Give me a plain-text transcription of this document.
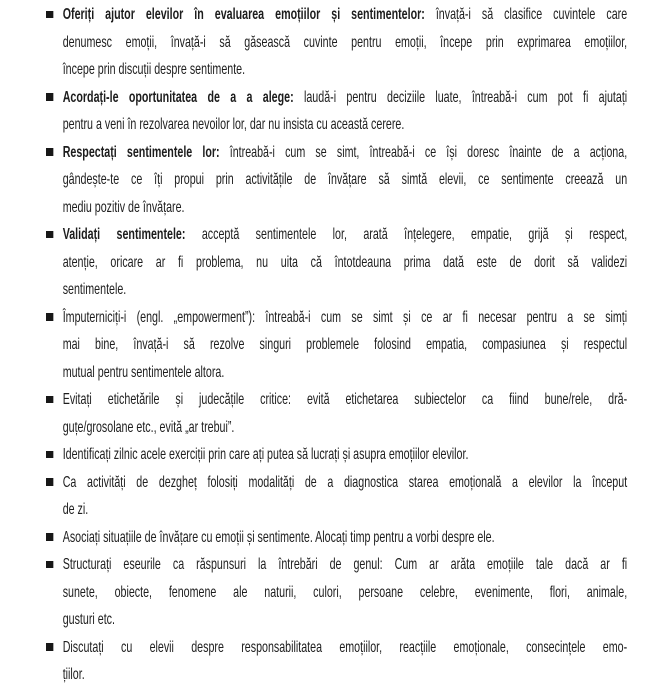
Oferiți ajutor elevilor în evaluarea emoțiilor și sentimentelor: învață-i să clasifice cuvintele care
denumesc emoții, învață-i să găsească cuvinte pentru emoții, începe prin exprimarea emoțiilor,
începe prin discuții despre sentimente.
Acordați-le oportunitatea de a a alege: laudă-i pentru deciziile luate, întreabă-i cum pot fi ajutați
pentru a veni în rezolvarea nevoilor lor, dar nu insista cu această cerere.
Respectați sentimentele lor: întreabă-i cum se simt, întreabă-i ce își doresc înainte de a acționa,
gândește-te ce îți propui prin activitățile de învățare să simtă elevii, ce sentimente creează un
mediu pozitiv de învățare.
Validați sentimentele: acceptă sentimentele lor, arată înțelegere, empatie, grijă și respect,
atenție, oricare ar fi problema, nu uita că întotdeauna prima dată este de dorit să validezi
sentimentele.
Împuterniciți-i (engl. „empowerment”): întreabă-i cum se simt și ce ar fi necesar pentru a se simți
mai bine, învață-i să rezolve singuri problemele folosind empatia, compasiunea și respectul
mutual pentru sentimentele altora.
Evitați etichetările și judecățile critice: evită etichetarea subiectelor ca fiind bune/rele, dră-
guțe/grosolane etc., evită „ar trebui”.
Identificați zilnic acele exerciții prin care ați putea să lucrați și asupra emoțiilor elevilor.
Ca activități de dezgheț folosiți modalități de a diagnostica starea emoțională a elevilor la început
de zi.
Asociați situațiile de învățare cu emoții și sentimente. Alocați timp pentru a vorbi despre ele.
Structurați eseurile ca răspunsuri la întrebări de genul: Cum ar arăta emoțiile tale dacă ar fi
sunete, obiecte, fenomene ale naturii, culori, persoane celebre, evenimente, flori, animale,
gusturi etc.
Discutați cu elevii despre responsabilitatea emoțiilor, reacțiile emoționale, consecințele emo-
țiilor.
